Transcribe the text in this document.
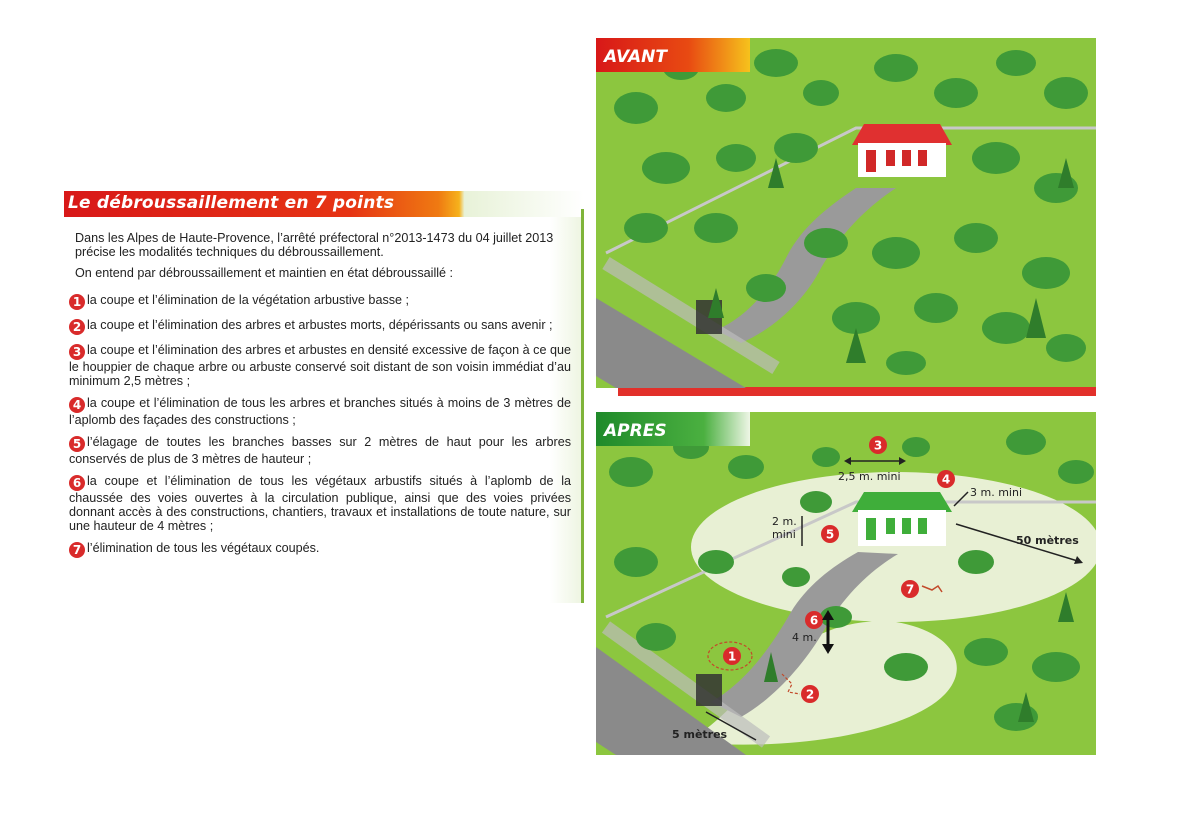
Le débroussaillement en 7 points

Dans les Alpes de Haute-Provence, l’arrêté préfectoral n°2013-1473 du 04 juillet 2013 précise les modalités techniques du débroussaillement.

On entend par débroussaillement et maintien en état débroussaillé :

1 la coupe et l’élimination de la végétation arbustive basse ;
2 la coupe et l’élimination des arbres et arbustes morts, dépérissants ou sans avenir ;
3 la coupe et l’élimination des arbres et arbustes en densité excessive de façon à ce que le houppier de chaque arbre ou arbuste conservé soit distant de son voisin immédiat d’au minimum 2,5 mètres ;
4 la coupe et l’élimination de tous les arbres et branches situés à moins de 3 mètres de l’aplomb des façades des constructions ;
5 l’élagage de toutes les branches basses sur 2 mètres de haut pour les arbres conservés de plus de 3 mètres de hauteur ;
6 la coupe et l’élimination de tous les végétaux arbustifs situés à l’aplomb de la chaussée des voies ouvertes à la circulation publique, ainsi que des voies privées donnant accès à des constructions, chantiers, travaux et installations de toute nature, sur une hauteur de 4 mètres ;
7 l’élimination de tous les végétaux coupés.
AVANT
APRES
3
2,5 m. mini	4
3 m. mini
2 m.
mini	5	50 mètres
7
6
4 m.
1
2
5 mètres
